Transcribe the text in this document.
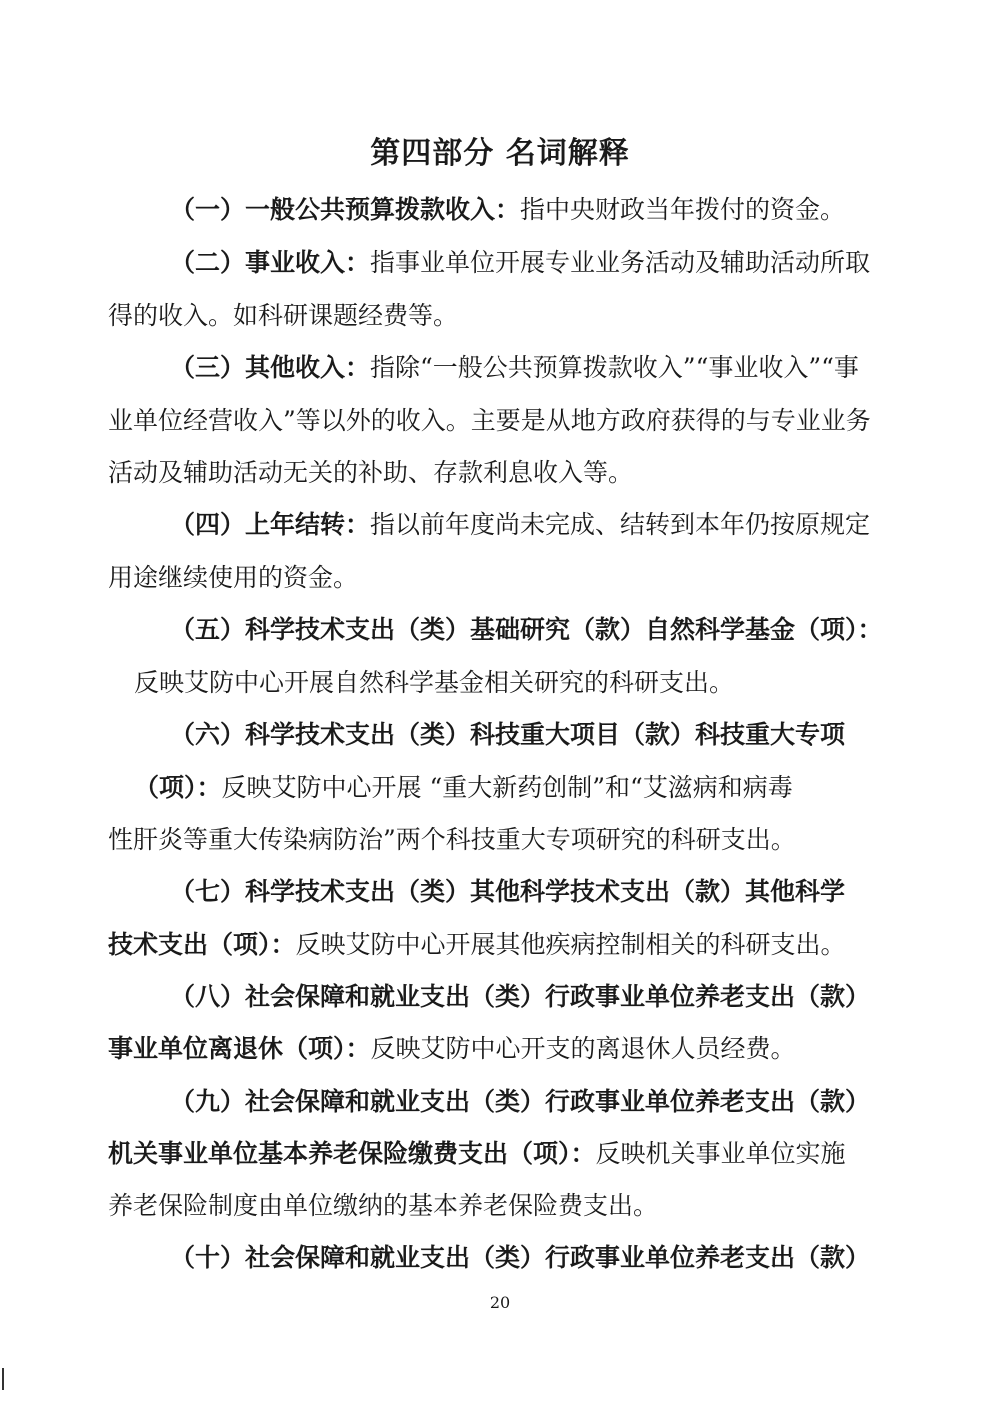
第四部分 名词解释
（一）一般公共预算拨款收入：指中央财政当年拨付的资金。
（二）事业收入：指事业单位开展专业业务活动及辅助活动所取
得的收入。如科研课题经费等。
（三）其他收入：指除“一般公共预算拨款收入”“事业收入”“事
业单位经营收入”等以外的收入。主要是从地方政府获得的与专业业务
活动及辅助活动无关的补助、存款利息收入等。
（四）上年结转：指以前年度尚未完成、结转到本年仍按原规定
用途继续使用的资金。
（五）科学技术支出（类）基础研究（款）自然科学基金（项）：
反映艾防中心开展自然科学基金相关研究的科研支出。
（六）科学技术支出（类）科技重大项目（款）科技重大专项
（项）：反映艾防中心开展 “重大新药创制”和“艾滋病和病毒
性肝炎等重大传染病防治”两个科技重大专项研究的科研支出。
（七）科学技术支出（类）其他科学技术支出（款）其他科学
技术支出（项）：反映艾防中心开展其他疾病控制相关的科研支出。
（八）社会保障和就业支出（类）行政事业单位养老支出（款）
事业单位离退休（项）：反映艾防中心开支的离退休人员经费。
（九）社会保障和就业支出（类）行政事业单位养老支出（款）
机关事业单位基本养老保险缴费支出（项）：反映机关事业单位实施
养老保险制度由单位缴纳的基本养老保险费支出。
（十）社会保障和就业支出（类）行政事业单位养老支出（款）
20
